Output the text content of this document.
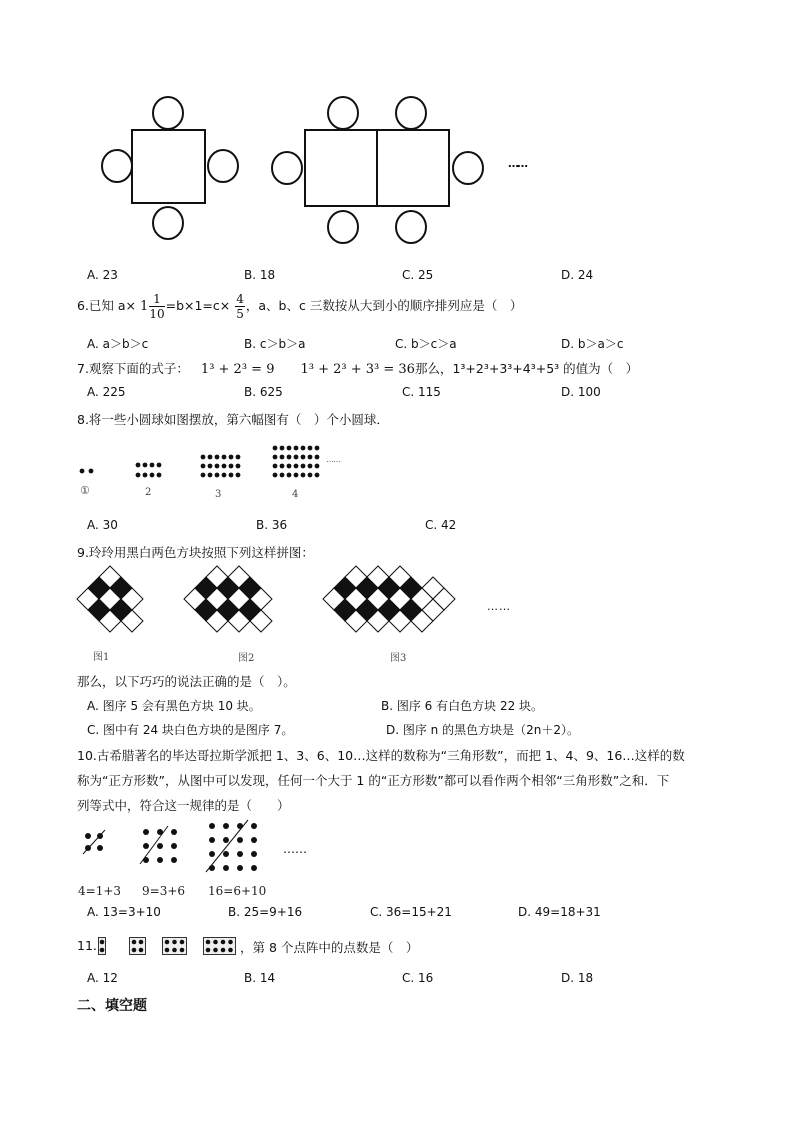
……
A. 23	B. 18	C. 25	D. 24
6.已知 $a\times 1 \frac{1}{10} =b\times 1=c\times \frac{4}{5}$ ，a、b、c 三数按从大到小的顺序排列应是（　）
A. a＞b＞c	B. c＞b＞a	C. b＞c＞a	D. b＞a＞c
7.观察下面的式子： 1³ + 2³ = 9 1³ + 2³ + 3³ = 36那么，1³+2³+3³+4³+5³ 的值为（　）
A. 225	B. 625	C. 115	D. 100
8.将一些小圆球如图摆放，第六幅图有（　）个小圆球．
……
①	2	3	4
A. 30	B. 36	C. 42
9.玲玲用黑白两色方块按照下列这样拼图：
……
图1	图2	图3
那么，以下巧巧的说法正确的是（　）。
A. 图序 5 会有黑色方块 10 块。	B. 图序 6 有白色方块 22 块。
C. 图中有 24 块白色方块的是图序 7。	D. 图序 n 的黑色方块是（2n＋2）。
10.古希腊著名的毕达哥拉斯学派把 1、3、6、10…这样的数称为“三角形数”，而把 1、4、9、16…这样的数
称为“正方形数”，从图中可以发现，任何一个大于 1 的“正方形数”都可以看作两个相邻“三角形数”之和．下
列等式中，符合这一规律的是（　　）
……
4=1+3 9=3+6 16=6+10
A. 13=3+10	B. 25=9+16	C. 36=15+21	D. 49=18+31
11.	，第 8 个点阵中的点数是（　）
A. 12	B. 14	C. 16	D. 18
二、填空题
